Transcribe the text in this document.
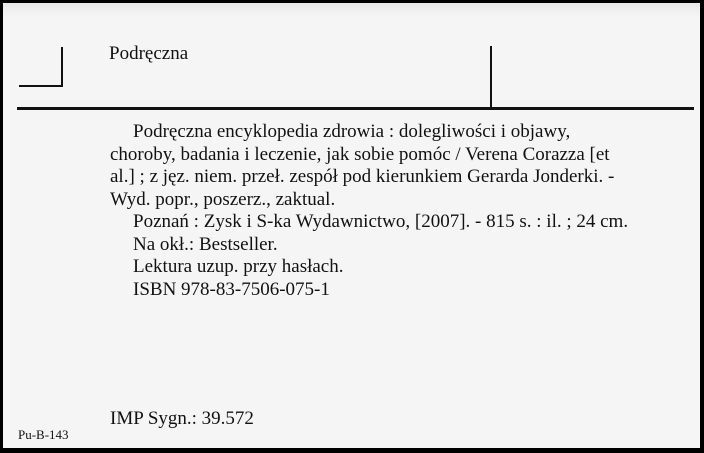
Podręczna

Podręczna encyklopedia zdrowia : dolegliwości i objawy, choroby, badania i leczenie, jak sobie pomóc / Verena Corazza [et al.] ; z jęz. niem. przeł. zespół pod kierunkiem Gerarda Jonderki. - Wyd. popr., poszerz., zaktual.

Poznań : Zysk i S-ka Wydawnictwo, [2007]. - 815 s. : il. ; 24 cm.

Na okł.: Bestseller.

Lektura uzup. przy hasłach.

ISBN 978-83-7506-075-1

IMP Sygn.: 39.572
Pu-B-143
